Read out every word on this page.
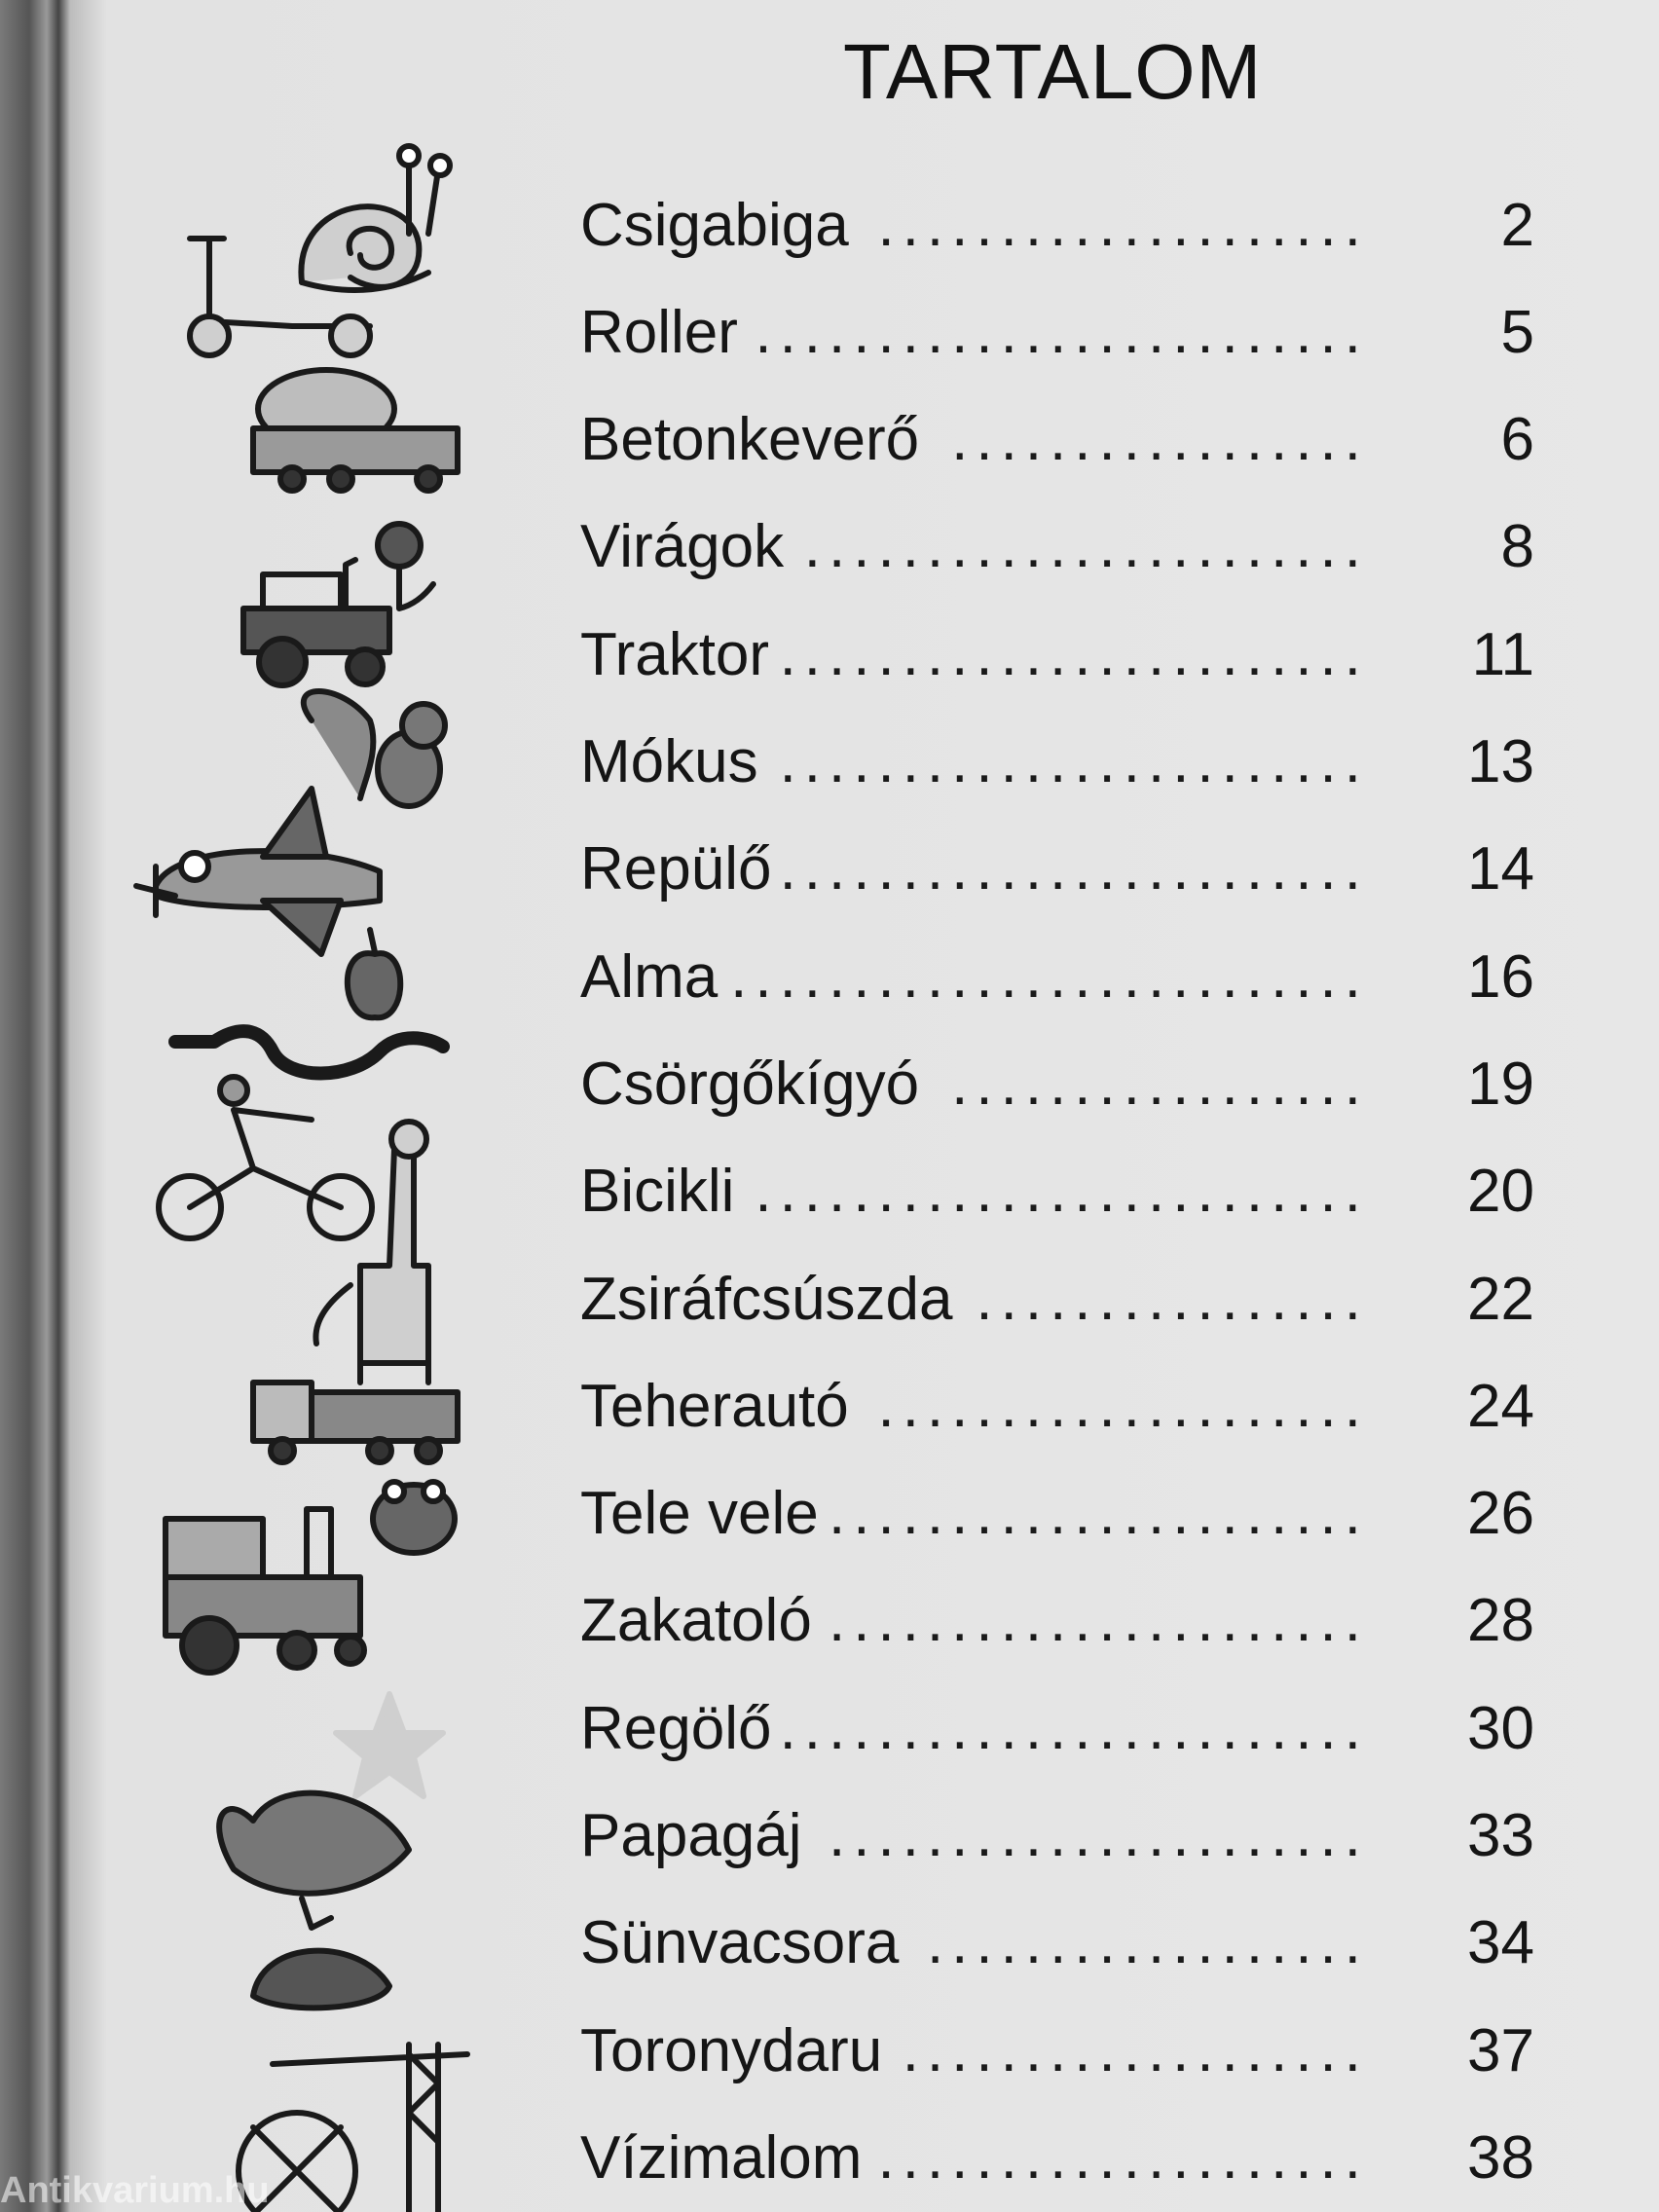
TARTALOM
Csigabiga .................... 2
Roller ......................... 5
Betonkeverő ................. 6
Virágok ....................... 8
Traktor ........................ 11
Mókus ........................ 13
Repülő ........................ 14
Alma .......................... 16
Csörgőkígyó ................. 19
Bicikli ......................... 20
Zsiráfcsúszda ................ 22
Teherautó .................... 24
Tele vele ...................... 26
Zakatoló ...................... 28
Regölő ........................ 30
Papagáj ...................... 33
Sünvacsora .................. 34
Toronydaru ................... 37
Vízimalom .................... 38
Antikvarium.hu
